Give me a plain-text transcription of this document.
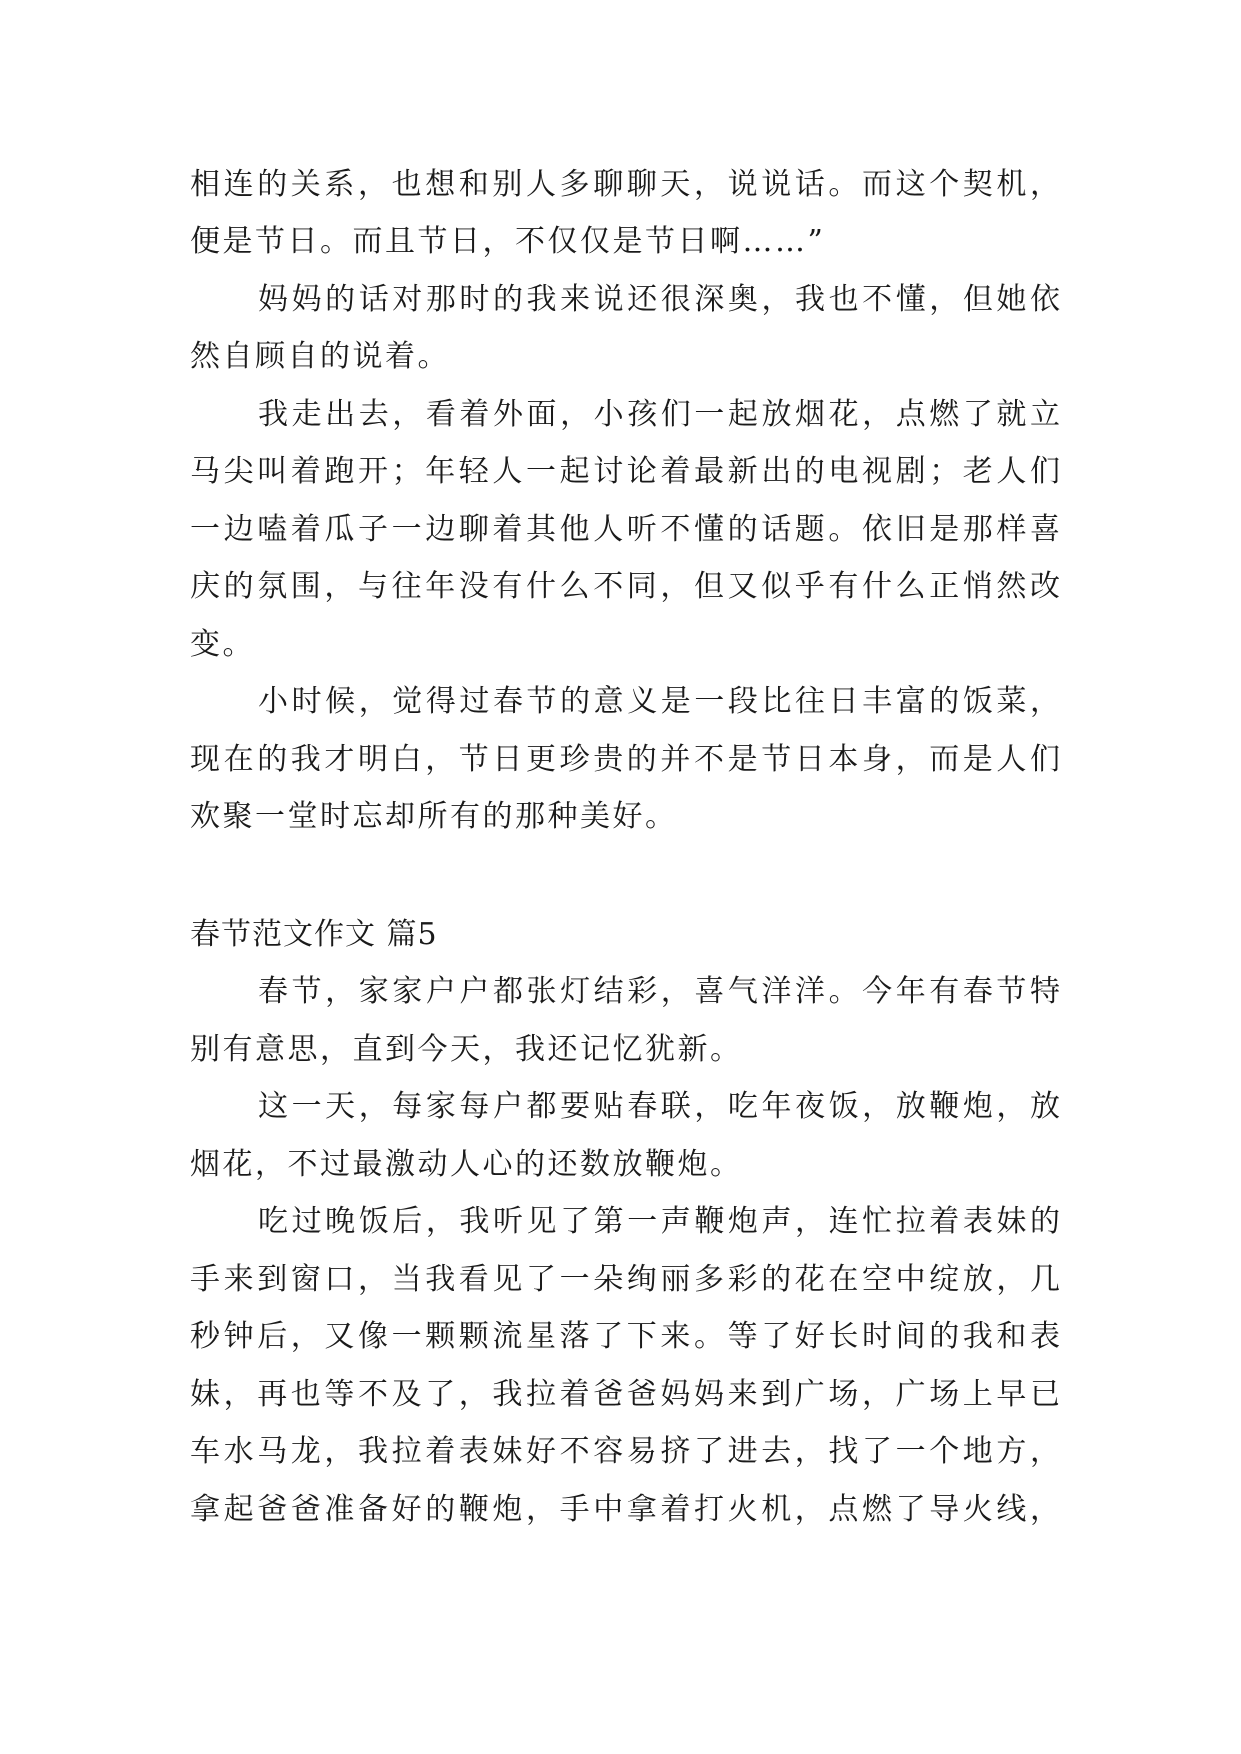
相连的关系，也想和别人多聊聊天，说说话。而这个契机，
便是节日。而且节日，不仅仅是节日啊……”
妈妈的话对那时的我来说还很深奥，我也不懂，但她依
然自顾自的说着。
我走出去，看着外面，小孩们一起放烟花，点燃了就立
马尖叫着跑开；年轻人一起讨论着最新出的电视剧；老人们
一边嗑着瓜子一边聊着其他人听不懂的话题。依旧是那样喜
庆的氛围，与往年没有什么不同，但又似乎有什么正悄然改
变。
小时候，觉得过春节的意义是一段比往日丰富的饭菜，
现在的我才明白，节日更珍贵的并不是节日本身，而是人们
欢聚一堂时忘却所有的那种美好。
春节范文作文 篇5
春节，家家户户都张灯结彩，喜气洋洋。今年有春节特
别有意思，直到今天，我还记忆犹新。
这一天，每家每户都要贴春联，吃年夜饭，放鞭炮，放
烟花，不过最激动人心的还数放鞭炮。
吃过晚饭后，我听见了第一声鞭炮声，连忙拉着表妹的
手来到窗口，当我看见了一朵绚丽多彩的花在空中绽放，几
秒钟后，又像一颗颗流星落了下来。等了好长时间的我和表
妹，再也等不及了，我拉着爸爸妈妈来到广场，广场上早已
车水马龙，我拉着表妹好不容易挤了进去，找了一个地方，
拿起爸爸准备好的鞭炮，手中拿着打火机，点燃了导火线，
